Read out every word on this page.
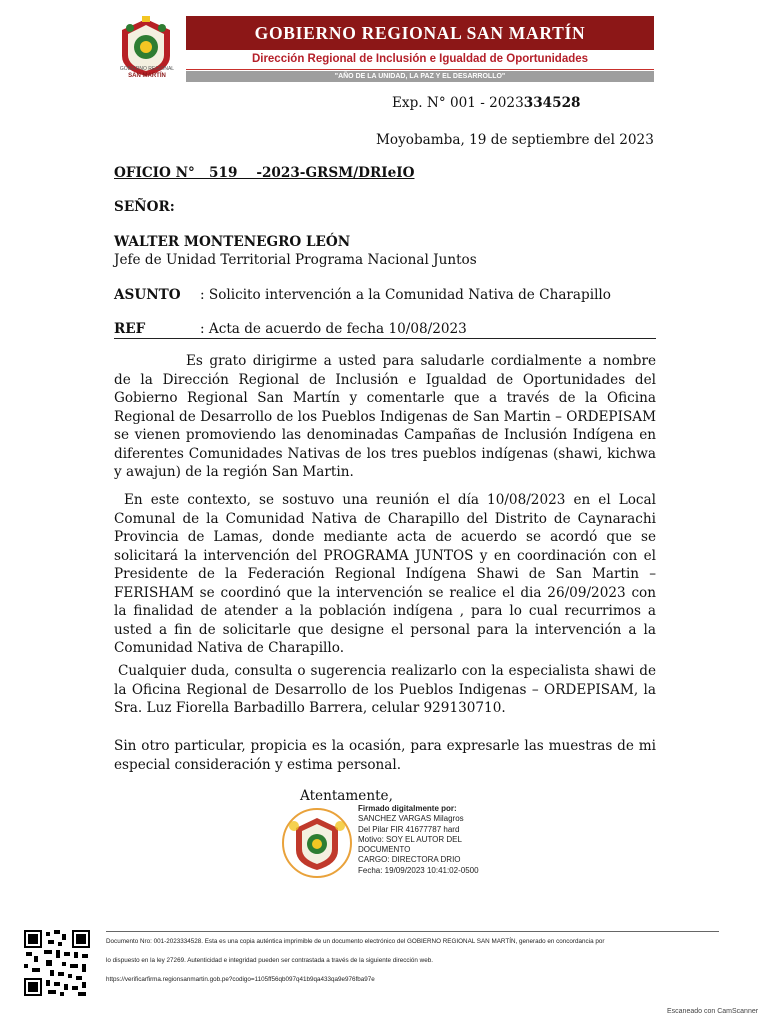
GOBIERNO REGIONAL
SAN MARTÍN
GOBIERNO REGIONAL SAN MARTÍN
Dirección Regional de Inclusión e Igualdad de Oportunidades
"AÑO DE LA UNIDAD, LA PAZ Y EL DESARROLLO"
Exp. N° 001 - 2023334528
Moyobamba, 19 de septiembre del 2023
OFICIO N°   519    -2023-GRSM/DRIeIO
SEÑOR:
WALTER MONTENEGRO LEÓN
Jefe de Unidad Territorial Programa Nacional Juntos
ASUNTO : Solicito intervención a la Comunidad Nativa de Charapillo
REF	: Acta de acuerdo de fecha 10/08/2023
Es grato dirigirme a usted para saludarle cordialmente a nombre de la Dirección Regional de Inclusión e Igualdad de Oportunidades del Gobierno Regional San Martín y comentarle que a través de la Oficina Regional de Desarrollo de los Pueblos Indigenas de San Martin – ORDEPISAM se vienen promoviendo las denominadas Campañas de Inclusión Indígena en diferentes Comunidades Nativas de los tres pueblos indígenas (shawi, kichwa y awajun) de la región San Martin.
En este contexto, se sostuvo una reunión el día 10/08/2023 en el Local Comunal de la Comunidad Nativa de Charapillo del Distrito de Caynarachi Provincia de Lamas, donde mediante acta de acuerdo se acordó que se solicitará la intervención del PROGRAMA JUNTOS y en coordinación con el Presidente de la Federación Regional Indígena Shawi de San Martin – FERISHAM se coordinó que la intervención se realice el dia 26/09/2023 con la finalidad de atender a la población indígena , para lo cual recurrimos a usted a fin de solicitarle que designe el personal para la intervención a la Comunidad Nativa de Charapillo.
Cualquier duda, consulta o sugerencia realizarlo con la especialista shawi de la Oficina Regional de Desarrollo de los Pueblos Indigenas – ORDEPISAM, la Sra. Luz Fiorella Barbadillo Barrera, celular 929130710.
Sin otro particular, propicia es la ocasión, para expresarle las muestras de mi especial consideración y estima personal.
Atentamente,
Firmado digitalmente por:
SANCHEZ VARGAS Milagros
Del Pilar FIR 41677787 hard
Motivo: SOY EL AUTOR DEL
DOCUMENTO
CARGO: DIRECTORA DRIO
Fecha: 19/09/2023 10:41:02-0500
Documento Nro: 001-2023334528. Esta es una copia auténtica imprimible de un documento electrónico del GOBIERNO REGIONAL SAN MARTÍN, generado en concordancia por
lo dispuesto en la ley 27269. Autenticidad e integridad pueden ser contrastada a través de la siguiente dirección web.
https://verificarfirma.regionsanmartin.gob.pe?codigo=1105ff56qb097q41b9qa433qa9e976fba97e
Escaneado con CamScanner
